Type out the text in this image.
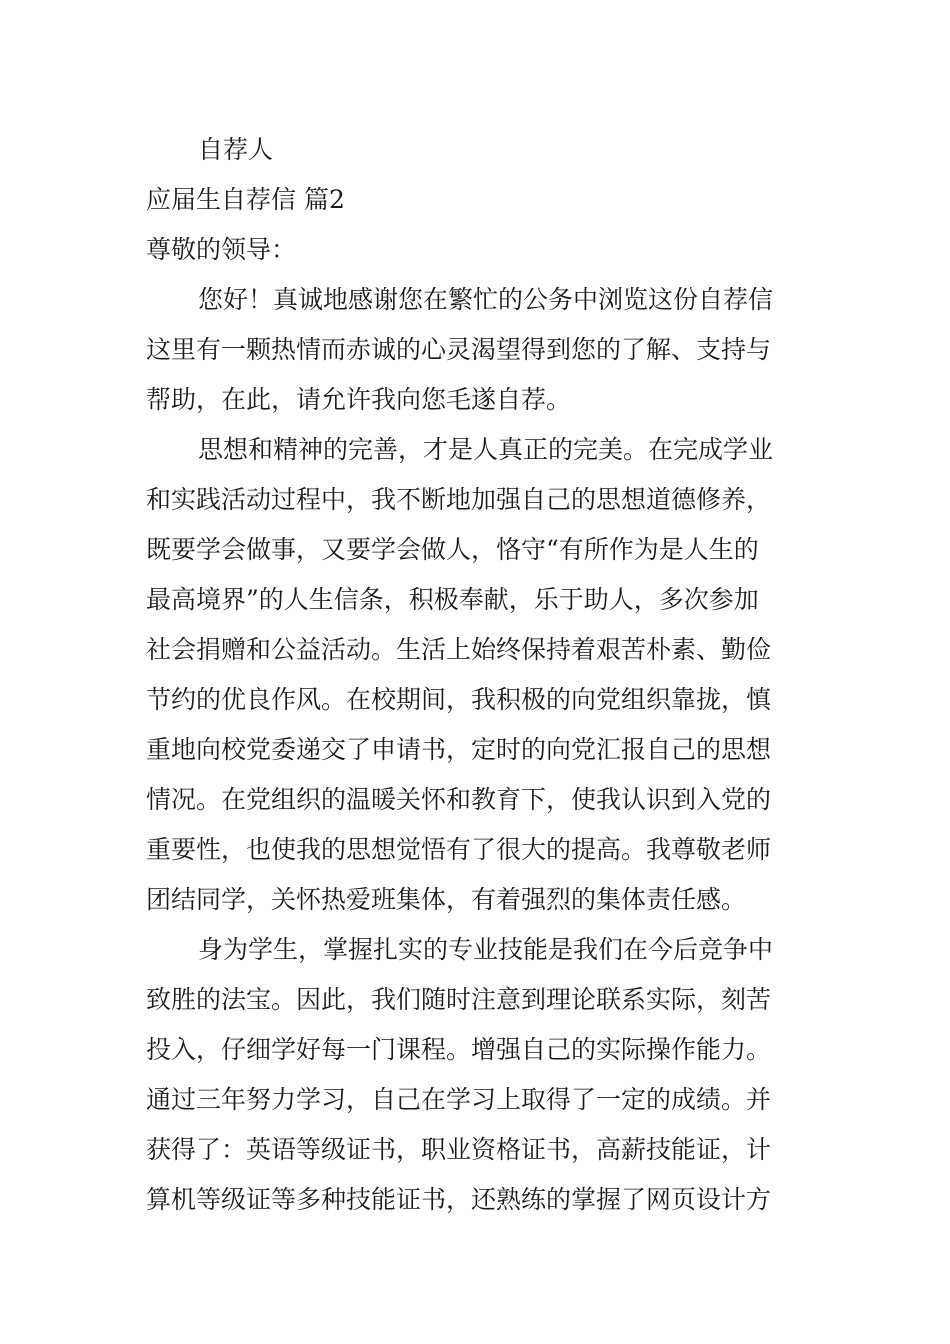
自荐人
应届生自荐信 篇2
尊敬的领导：
您好！真诚地感谢您在繁忙的公务中浏览这份自荐信
这里有一颗热情而赤诚的心灵渴望得到您的了解、支持与
帮助，在此，请允许我向您毛遂自荐。
思想和精神的完善，才是人真正的完美。在完成学业
和实践活动过程中，我不断地加强自己的思想道德修养，
既要学会做事，又要学会做人，恪守“有所作为是人生的
最高境界”的人生信条，积极奉献，乐于助人，多次参加
社会捐赠和公益活动。生活上始终保持着艰苦朴素、勤俭
节约的优良作风。在校期间，我积极的向党组织靠拢，慎
重地向校党委递交了申请书，定时的向党汇报自己的思想
情况。在党组织的温暖关怀和教育下，使我认识到入党的
重要性，也使我的思想觉悟有了很大的提高。我尊敬老师
团结同学，关怀热爱班集体，有着强烈的集体责任感。
身为学生，掌握扎实的专业技能是我们在今后竞争中
致胜的法宝。因此，我们随时注意到理论联系实际，刻苦
投入，仔细学好每一门课程。增强自己的实际操作能力。
通过三年努力学习，自己在学习上取得了一定的成绩。并
获得了：英语等级证书，职业资格证书，高薪技能证，计
算机等级证等多种技能证书，还熟练的掌握了网页设计方
